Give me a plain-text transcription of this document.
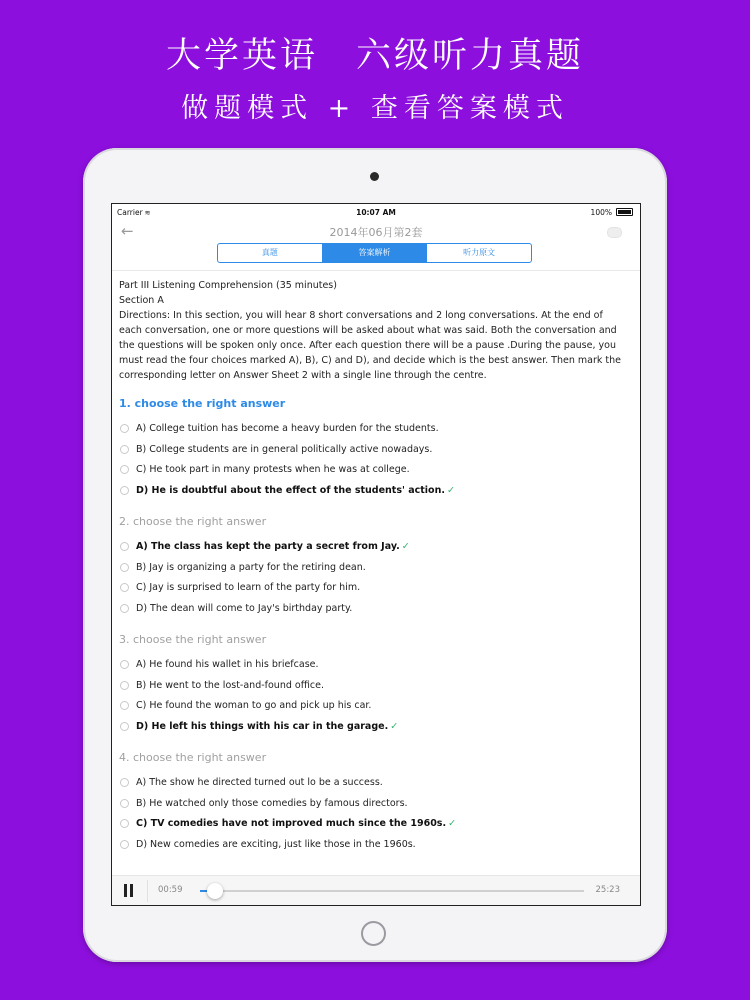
大学英语　六级听力真题
做题模式 + 查看答案模式
Carrier ≋	10:07 AM	100%
←	2014年06月第2套
真题	答案解析	听力原文

Part III Listening Comprehension (35 minutes)

Section A

Directions: In this section, you will hear 8 short conversations and 2 long conversations. At the end of each conversation, one or more questions will be asked about what was said. Both the conversation and the questions will be spoken only once. After each question there will be a pause .During the pause, you must read the four choices marked A), B), C) and D), and decide which is the best answer. Then mark the corresponding letter on Answer Sheet 2 with a single line through the centre.

1. choose the right answer
A) College tuition has become a heavy burden for the students.
B) College students are in general politically active nowadays.
C) He took part in many protests when he was at college.
D) He is doubtful about the effect of the students' action. ✓
2. choose the right answer
A) The class has kept the party a secret from Jay. ✓
B) Jay is organizing a party for the retiring dean.
C) Jay is surprised to learn of the party for him.
D) The dean will come to Jay's birthday party.
3. choose the right answer
A) He found his wallet in his briefcase.
B) He went to the lost-and-found office.
C) He found the woman to go and pick up his car.
D) He left his things with his car in the garage. ✓
4. choose the right answer
A) The show he directed turned out lo be a success.
B) He watched only those comedies by famous directors.
C) TV comedies have not improved much since the 1960s. ✓
D) New comedies are exciting, just like those in the 1960s.
00:59	25:23
